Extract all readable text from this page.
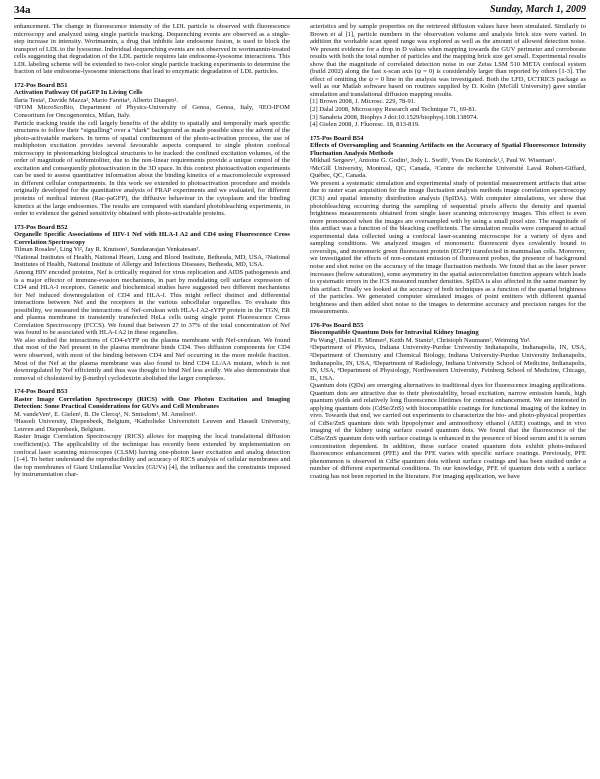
34a	Sunday, March 1, 2009

enhancement. The change in fluorescence intensity of the LDL particle is observed with fluorescence microscopy and analyzed using single particle tracking. Dequenching events are observed as a single-step increase in intensity. Wortmannin, a drug that inhibits late endosome fusion, is used to block the transport of LDL to the lysosome. Individual dequenching events are not observed in wortmannin-treated cells suggesting that degradation of the LDL particle requires late endosome-lysosome interactions. This LDL labeling scheme will be extended to two-color single particle tracking experiments to determine the fraction of late endosome-lysosome interactions that lead to enzymatic degradation of LDL particles.

172-Pos Board B51

Activation Pathway Of paGFP In Living Cells

Ilaria Testa¹, Davide Mazza², Mario Faretta³, Alberto Diaspro¹.

¹IFOM MicroScoBio, Department of Physics-University of Genoa, Genoa, Italy, ²IEO-IFOM Consortium for Oncogenomics, Milan, Italy.

Particle tracking inside the cell largely benefits of the ability to spatially and temporally mark specific structures to follow their “signalling” over a “dark” background as made possible since the advent of the photo-activatable markers. In terms of spatial confinement of the photo-activation process, the use of multiphoton excitation provides several favourable aspects compared to single photon confocal microscopy in photomarking biological structures to be tracked: the confined excitation volumes, of the order of magnitude of subfemtoliter, due to the non-linear requirements provide a unique control of the excitation and consequently photoactivation in the 3D space. In this context photoactivation experiments can be used to assess quantitative information about the binding kinetics of a macromolecule expressed in different cellular compartments. In this work we extended to photoactivation procedure and models originally developed for the quantitative analysis of FRAP experiments and we evaluated, for different proteins of medical interest (Rac-paGFP), the diffusive behaviour in the cytoplasm and the binding kinetics at the large endosomes. The results are compared with standard photobleaching experiments, in order to evidence the gained sensitivity obtained with photo-activatable proteins.

173-Pos Board B52

Organelle Specific Associations of HIV-1 Nef with HLA-I A2 and CD4 using Fluorescence Cross Correlation Spectroscopy

Tilman Rosales¹, Ling Yi², Jay R. Knutson¹, Sundararajan Venkatesan².

¹National Institutes of Health, National Heart, Lung and Blood Institute, Bethesda, MD, USA, ²National Institutes of Health, National Institute of Allergy and Infectious Diseases, Bethesda, MD, USA.

Among HIV encoded proteins, Nef is critically required for virus replication and AIDS pathogenesis and is a major effector of immune-evasion mechanisms, in part by modulating cell surface expression of CD4 and HLA-I receptors. Genetic and biochemical studies have suggested two different mechanisms for Nef induced downregulation of CD4 and HLA-I. This might reflect distinct and differential interactions between Nef and the receptors in the various subcellular organelles. To evaluate this possibility, we measured the interactions of Nef-cerulean with HLA-I A2-eYFP protein in the TGN, ER and plasma membrane in transiently transfected HeLa cells using single point Fluorescence Cross Correlation Spectroscopy (FCCS). We found that between 27 to 37% of the total concentration of Nef was found to be associated with HLA-I A2 in these organelles.

We also studied the interactions of CD4-eYFP on the plasma membrane with Nef-cerulean. We found that most of the Nef present in the plasma membrane binds CD4. Two diffusion components for CD4 were observed, with most of the binding between CD4 and Nef occurring in the more mobile fraction. Most of the Nef at the plasma membrane was also found to bind CD4 LL/AA mutant, which is not downregulated by Nef efficiently and thus was thought to bind Nef less avidly. We also demonstrate that removal of cholesterol by β-methyl cyclodextrin abolished the larger complexes.

174-Pos Board B53

Raster Image Correlation Spectroscopy (RICS) with One Photon Excitation and Imaging Detection: Some Practical Considerations for GUVs and Cell Membranes

M. vandeVen¹, E. Gielen¹, B. De Clercq¹, N. Smisdom¹, M. Ameloot¹.

¹Hasselt University, Diepenbeek, Belgium, ²Katholieke Universiteit Leuven and Hasselt University, Leuven and Diepenbeek, Belgium.

Raster Image Correlation Spectroscopy (RICS) allows for mapping the local translational diffusion coefficient(s). The applicability of the technique has recently been extended by implementation on confocal laser scanning microscopes (CLSM) having one-photon laser excitation and analog detection [1-4]. To better understand the reproducibility and accuracy of RICS analysis of cellular membranes and the top membranes of Giant Unilamellar Vesicles (GUVs) [4], the influence and the constraints imposed by instrumentation char-

acteristics and by sample properties on the retrieved diffusion values have been simulated. Similarly to Brown et al [1], particle numbers in the observation volume and analysis brick size were varied. In addition the workable scan speed range was explored as well as the amount of allowed detection noise. We present evidence for a drop in D values when mapping towards the GUV perimeter and corroborate results with both the total number of particles and the mapping brick size get small. Experimental results show that the magnitude of correlated detection noise in our Zeiss LSM 510 META confocal system (build 2002) along the fast x-scan axis (ψ = 0) is considerably larger than reported by others [1-3]. The effect of omitting the ψ = 0 line in the analysis was investigated. Both the LFD, UCTRICS package as well as our Matlab software based on routines supplied by D. Kolin (McGill University) gave similar simulation and translational diffusion mapping results.

[1] Brown 2008, J. Microsc. 229, 78-91.

[2] Dalal 2008, Microscopy Research and Technique 71, 69-81.

[3] Sanabria 2008, Biophys J doi:10.1529/biophysj.108.138974.

[4] Gielen 2008, J. Fluoresc. 18, 813-819.

175-Pos Board B54

Effects of Oversampling and Scanning Artifacts on the Accuracy of Spatial Fluorescence Intensity Fluctuation Analysis Methods

Mikhail Sergeev¹, Antoine G. Godin¹, Jody L. Swift¹, Yves De Koninck¹,², Paul W. Wiseman¹.

¹McGill University, Montreal, QC, Canada, ²Centre de recherche Université Laval Robert-Giffard, Québec, QC, Canada.

We present a systematic simulation and experimental study of potential measurement artifacts that arise due to raster scan acquisition for the image fluctuation analysis methods image correlation spectroscopy (ICS) and spatial intensity distribution analysis (SpIDA). With computer simulations, we show that photobleaching occurring during the sampling of sequential pixels affects the density and quantal brightness measurements obtained from single laser scanning microscopy images. This effect is even more pronounced when the images are oversampled with by using a small pixel size. The magnitude of this artifact was a function of the bleaching coefficients. The simulation results were compared to actual experimental data collected using a confocal laser-scanning microscope for a variety of dyes and sampling conditions. We analyzed images of monomeric fluorescent dyes covalently bound to coverslips, and monomeric green fluorescent protein (EGFP) transfected in mammalian cells. Moreover, we investigated the effects of non-constant emission of fluorescent probes, the presence of background noise and shot noise on the accuracy of the image fluctuation methods. We found that as the laser power increases (below saturation), some asymmetry in the spatial autocorrelation function appears which leads to systematic errors in the ICS measured number densities. SpIDA is also affected in the same manner by this artifact. Finally we looked at the accuracy of both techniques as a function of the quantal brightness of the particles. We generated computer simulated images of point emitters with different quantal brightness and then added shot noise to the images to determine accuracy and precision ranges for the measurements.

176-Pos Board B55

Biocompatible Quantum Dots for Intravital Kidney Imaging

Pu Wang¹, Daniel E. Minner², Keith M. Stantz², Christoph Naumann², Weiming Yu³.

¹Department of Physics, Indiana University-Purdue University Indianapolis, Indianapolis, IN, USA, ²Department of Chemistry and Chemical Biology, Indiana University-Purdue University Indianapolis, Indianapolis, IN, USA, ³Department of Radiology, Indiana University School of Medicine, Indianapolis, IN, USA, ⁴Department of Physiology, Northwestern University, Feinberg School of Medicine, Chicago, IL, USA.

Quantum dots (QDs) are emerging alternatives to traditional dyes for fluorescence imaging applications. Quantum dots are attractive due to their photostability, broad excitation, narrow emission bands, high quantum yields and relatively long fluorescence lifetimes for contrast enhancement. We are interested in applying quantum dots (CdSe/ZnS) with biocompatible coatings for functional imaging of the kidney in vivo. Towards that end, we carried out experiments to characterize the bio- and photo-physical properties of CdSe/ZnS quantum dots with lipopolymer and aminoethoxy ethanol (AEE) coatings, and in vivo imaging of the kidney using surface coated quantum dots. We found that the fluorescence of the CdSe/ZnS quantum dots with surface coatings is enhanced in the presence of blood serum and it is serum concentration dependent. In addition, these surface coated quantum dots exhibit photo-induced fluorescence enhancement (PFE) and the PFE varies with specific surface coatings. Previously, PFE phenomenon is observed in CdSe quantum dots without surface coatings and has been studied under a number of different experimental conditions. To our knowledge, PFE of quantum dots with a surface coating has not been reported in the literature. For imaging application, we have
